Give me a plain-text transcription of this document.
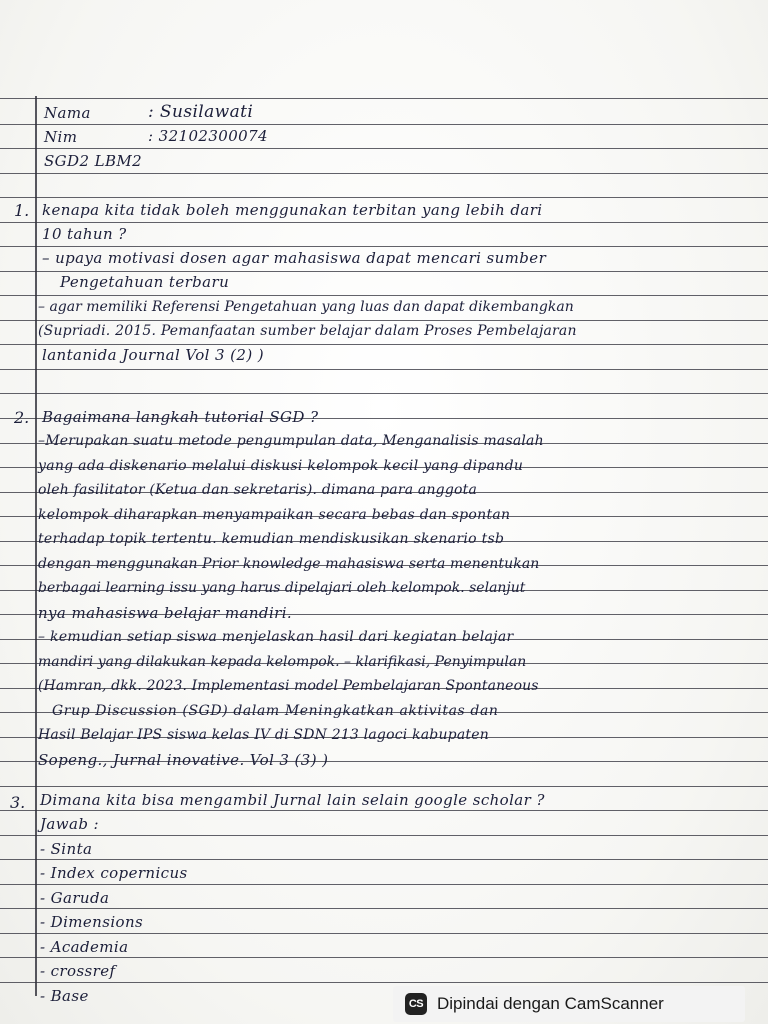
Nama	: Susilawati
Nim	: 32102300074
SGD2 LBM2
1. kenapa kita tidak boleh menggunakan terbitan yang lebih dari
10 tahun ?
– upaya motivasi dosen agar mahasiswa dapat mencari sumber
Pengetahuan terbaru
– agar memiliki Referensi Pengetahuan yang luas dan dapat dikembangkan
(Supriadi. 2015. Pemanfaatan sumber belajar dalam Proses Pembelajaran
lantanida Journal Vol 3 (2) )
2. Bagaimana langkah tutorial SGD ?
–Merupakan suatu metode pengumpulan data, Menganalisis masalah
yang ada diskenario melalui diskusi kelompok kecil yang dipandu
oleh fasilitator (Ketua dan sekretaris). dimana para anggota
kelompok diharapkan menyampaikan secara bebas dan spontan
terhadap topik tertentu. kemudian mendiskusikan skenario tsb
dengan menggunakan Prior knowledge mahasiswa serta menentukan
berbagai learning issu yang harus dipelajari oleh kelompok. selanjut
nya mahasiswa belajar mandiri.
– kemudian setiap siswa menjelaskan hasil dari kegiatan belajar
mandiri yang dilakukan kepada kelompok. – klarifikasi, Penyimpulan
(Hamran, dkk. 2023. Implementasi model Pembelajaran Spontaneous
Grup Discussion (SGD) dalam Meningkatkan aktivitas dan
Hasil Belajar IPS siswa kelas IV di SDN 213 lagoci kabupaten
Sopeng., Jurnal inovative. Vol 3 (3) )
3. Dimana kita bisa mengambil Jurnal lain selain google scholar ?
Jawab :
- Sinta
- Index copernicus
- Garuda
- Dimensions
- Academia
- crossref
- Base	CS Dipindai dengan CamScanner
